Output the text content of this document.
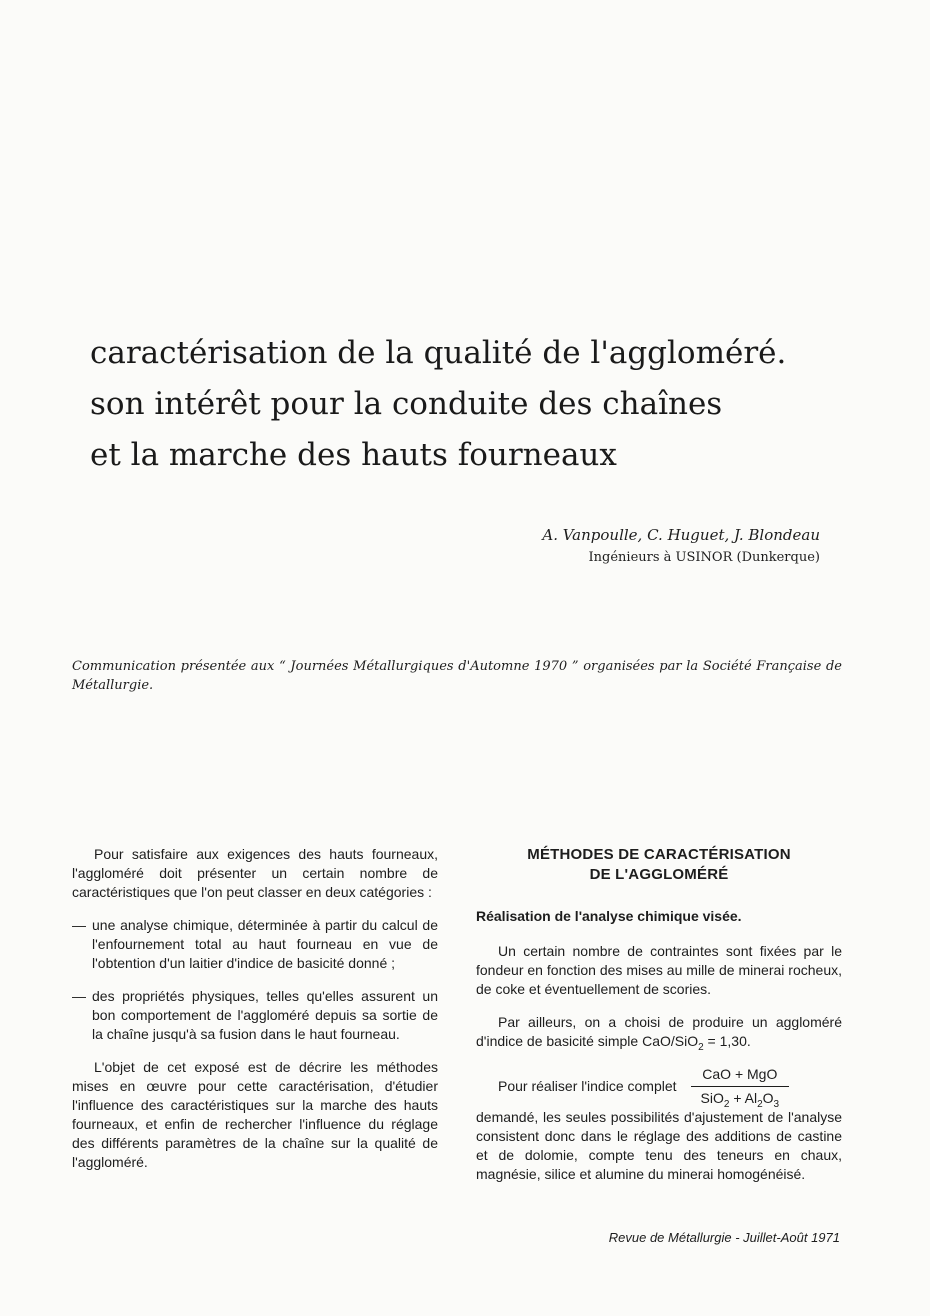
caractérisation de la qualité de l'aggloméré.
son intérêt pour la conduite des chaînes
et la marche des hauts fourneaux
A. Vanpoulle, C. Huguet, J. Blondeau
Ingénieurs à USINOR (Dunkerque)

Communication présentée aux “ Journées Métallurgiques d'Automne 1970 ” organisées par la Société Française de Métallurgie.

Pour satisfaire aux exigences des hauts fourneaux, l'aggloméré doit présenter un certain nombre de caractéristiques que l'on peut classer en deux catégories :

— une analyse chimique, déterminée à partir du calcul de l'enfournement total au haut fourneau en vue de l'obtention d'un laitier d'indice de basicité donné ;
— des propriétés physiques, telles qu'elles assurent un bon comportement de l'aggloméré depuis sa sortie de la chaîne jusqu'à sa fusion dans le haut fourneau.

L'objet de cet exposé est de décrire les méthodes mises en œuvre pour cette caractérisation, d'étudier l'influence des caractéristiques sur la marche des hauts fourneaux, et enfin de rechercher l'influence du réglage des différents paramètres de la chaîne sur la qualité de l'aggloméré.

MÉTHODES DE CARACTÉRISATION
DE L'AGGLOMÉRÉ

Réalisation de l'analyse chimique visée.

Un certain nombre de contraintes sont fixées par le fondeur en fonction des mises au mille de minerai rocheux, de coke et éventuellement de scories.

Par ailleurs, on a choisi de produire un aggloméré d'indice de basicité simple CaO/SiO$_2$ = 1,30.

Pour réaliser l'indice complet $\frac{\text{CaO + MgO}}{SiO_2 + Al_2O_3}$

demandé, les seules possibilités d'ajustement de l'analyse consistent donc dans le réglage des additions de castine et de dolomie, compte tenu des teneurs en chaux, magnésie, silice et alumine du minerai homogénéisé.

Revue de Métallurgie - Juillet-Août 1971
